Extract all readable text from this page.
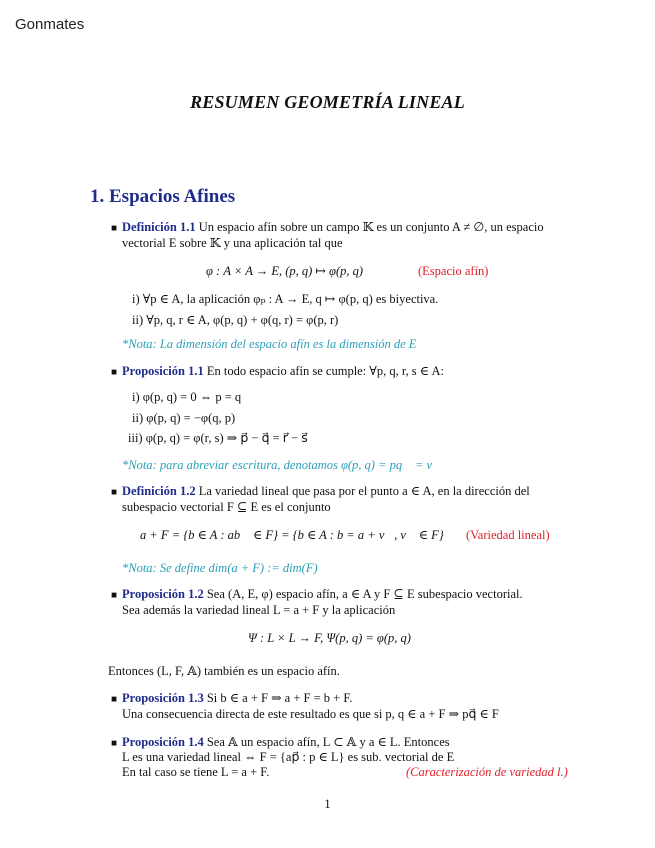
Gonmates
RESUMEN GEOMETRÍA LINEAL
1. Espacios Afines
■ Definición 1.1 Un espacio afín sobre un campo 𝕂 es un conjunto A ≠ ∅, un espacio
vectorial E sobre 𝕂 y una aplicación tal que
φ : A × A → E, (p, q) ↦ φ(p, q)	(Espacio afín)
i) ∀p ∈ A, la aplicación φₚ : A → E, q ↦ φ(p, q) es biyectiva.
ii) ∀p, q, r ∈ A, φ(p, q) + φ(q, r) = φ(p, r)
*Nota: La dimensión del espacio afín es la dimensión de E
■ Proposición 1.1 En todo espacio afín se cumple: ∀p, q, r, s ∈ A:
i) φ(p, q) = 0 ⇔ p = q
ii) φ(p, q) = −φ(q, p)
iii) φ(p, q) = φ(r, s) ⇒ p⃗ − q⃗ = r⃗ − s⃗
*Nota: para abreviar escritura, denotamos φ(p, q) = pq⃗ = v⃗
■ Definición 1.2 La variedad lineal que pasa por el punto a ∈ A, en la dirección del
subespacio vectorial F ⊆ E es el conjunto
a + F = {b ∈ A : ab⃗ ∈ F} = {b ∈ A : b = a + v⃗, v⃗ ∈ F} (Variedad lineal)
*Nota: Se define dim(a + F) := dim(F)
■ Proposición 1.2 Sea (A, E, φ) espacio afín, a ∈ A y F ⊆ E subespacio vectorial.
Sea además la variedad lineal L = a + F y la aplicación
Ψ : L × L → F, Ψ(p, q) = φ(p, q)
Entonces (L, F, 𝔸) también es un espacio afín.
■ Proposición 1.3 Si b ∈ a + F ⇒ a + F = b + F.
Una consecuencia directa de este resultado es que si p, q ∈ a + F ⇒ pq⃗ ∈ F
■ Proposición 1.4 Sea 𝔸 un espacio afín, L ⊂ 𝔸 y a ∈ L. Entonces
L es una variedad lineal ⇔ F = {ap⃗ : p ∈ L} es sub. vectorial de E
En tal caso se tiene L = a + F.	(Caracterización de variedad l.)
1
